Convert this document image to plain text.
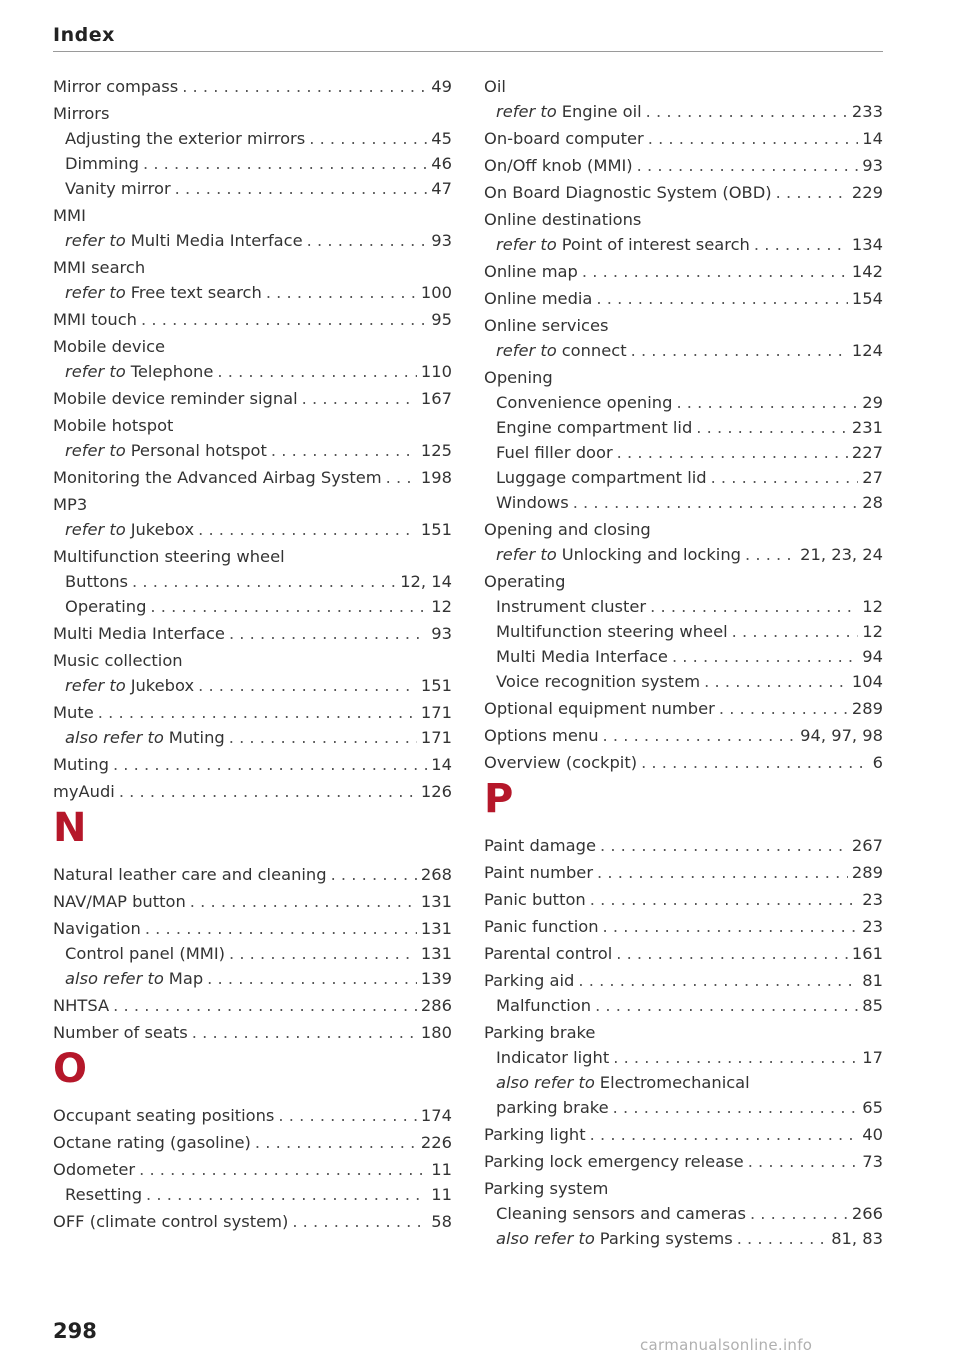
Index
Mirror compass . . .	49
Mirrors
Adjusting the exterior mirrors . . .	45
Dimming . . .	46
Vanity mirror . . .	47
MMI
refer to Multi Media Interface . . .	93
MMI search
refer to Free text search . . .	100
MMI touch . . .	95
Mobile device
refer to Telephone . . .	110
Mobile device reminder signal . . .	167
Mobile hotspot
refer to Personal hotspot . . .	125
Monitoring the Advanced Airbag System . . . 198
MP3
refer to Jukebox . . .	151
Multifunction steering wheel
Buttons . . .	12, 14
Operating . . .	12
Multi Media Interface . . .	93
Music collection
refer to Jukebox . . .	151
Mute . . .	171
also refer to Muting . . .	171
Muting . . .	14
myAudi . . .	126
N
Natural leather care and cleaning . . .	268
NAV/MAP button . . .	131
Navigation . . .	131
Control panel (MMI) . . .	131
also refer to Map . . .	139
NHTSA . . .	286
Number of seats . . .	180
O
Occupant seating positions . . .	174
Octane rating (gasoline) . . .	226
Odometer . . .	11
Resetting . . .	11
OFF (climate control system) . . .	58
Oil
refer to Engine oil . . .	233
On-board computer . . .	14
On/Off knob (MMI) . . .	93
On Board Diagnostic System (OBD) . . .	229
Online destinations
refer to Point of interest search . . .	134
Online map . . .	142
Online media . . .	154
Online services
refer to connect . . .	124
Opening
Convenience opening . . .	29
Engine compartment lid . . .	231
Fuel filler door . . .	227
Luggage compartment lid . . .	27
Windows . . .	28
Opening and closing
refer to Unlocking and locking . . .	21, 23, 24
Operating
Instrument cluster . . .	12
Multifunction steering wheel . . .	12
Multi Media Interface . . .	94
Voice recognition system . . .	104
Optional equipment number . . .	289
Options menu . . .	94, 97, 98
Overview (cockpit) . . .	6
P
Paint damage . . .	267
Paint number . . .	289
Panic button . . .	23
Panic function . . .	23
Parental control . . .	161
Parking aid . . .	81
Malfunction . . .	85
Parking brake
Indicator light . . .	17
also refer to Electromechanical
parking brake . . .	65
Parking light . . .	40
Parking lock emergency release . . .	73
Parking system
Cleaning sensors and cameras . . .	266
also refer to Parking systems . . .	81, 83
298
carmanualsonline.info
